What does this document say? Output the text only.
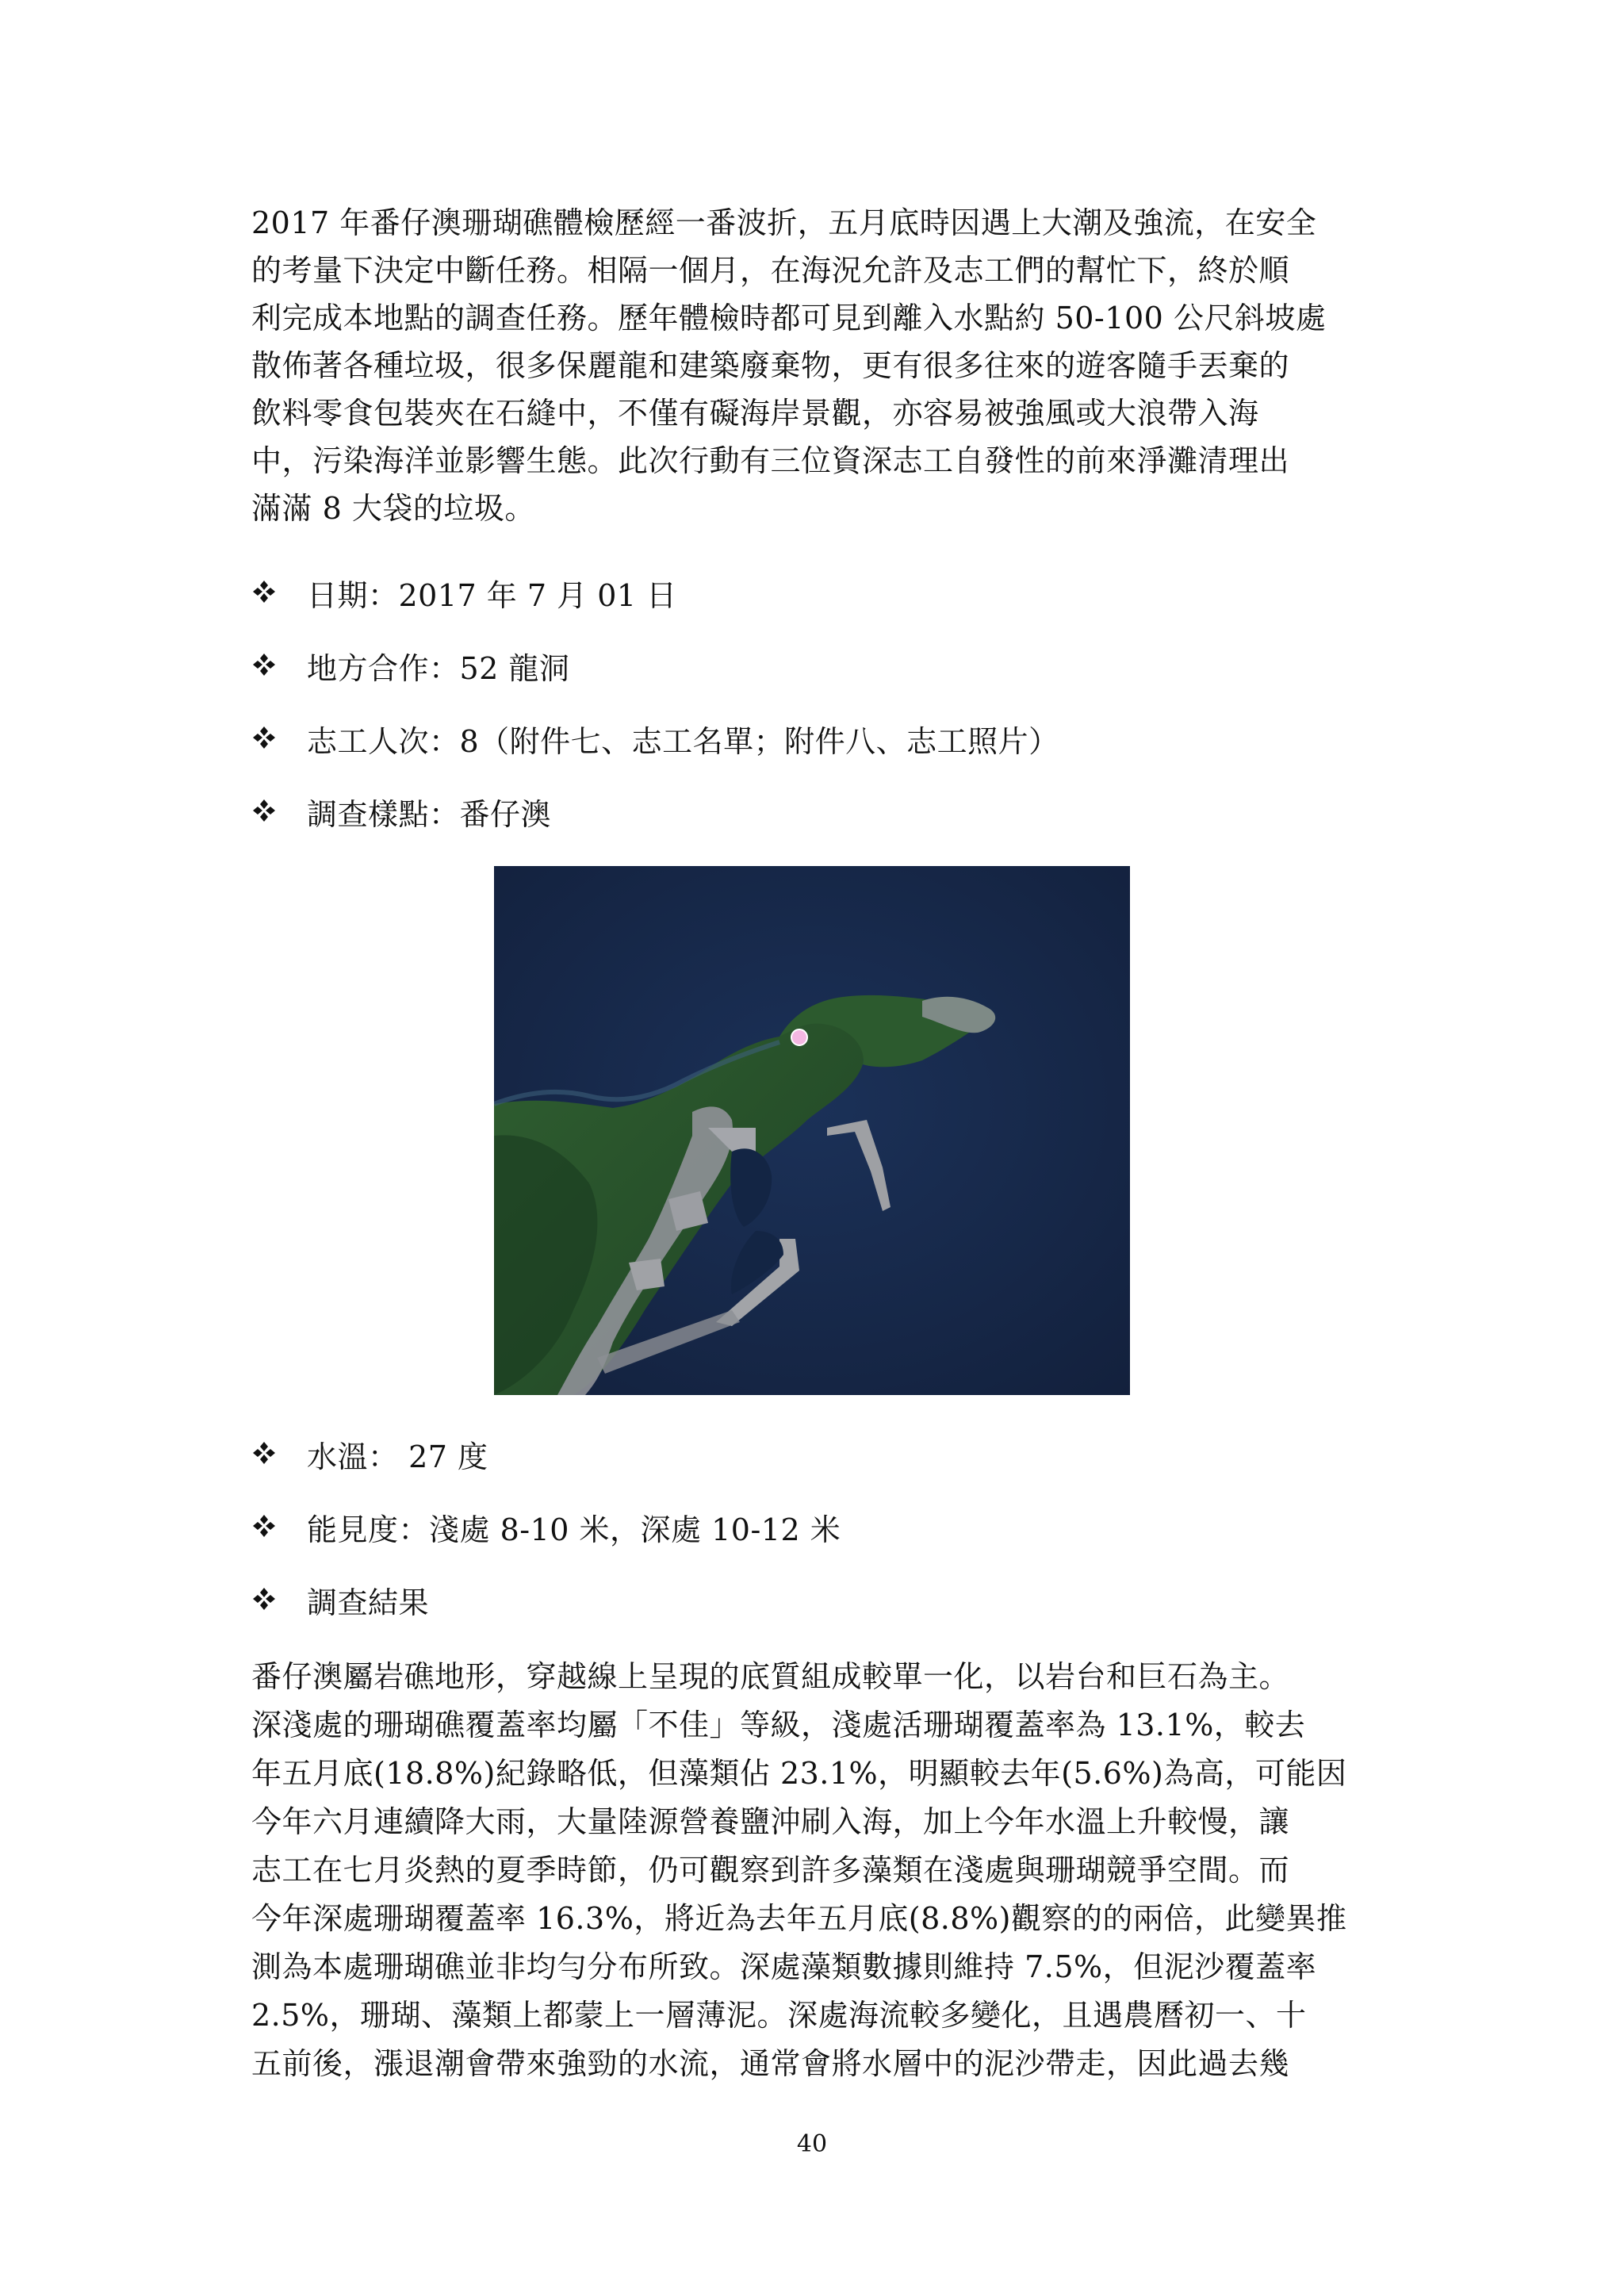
2017 年番仔澳珊瑚礁體檢歷經一番波折，五月底時因遇上大潮及強流，在安全
的考量下決定中斷任務。相隔一個月，在海況允許及志工們的幫忙下，終於順
利完成本地點的調查任務。歷年體檢時都可見到離入水點約 50-100 公尺斜坡處
散佈著各種垃圾，很多保麗龍和建築廢棄物，更有很多往來的遊客隨手丟棄的
飲料零食包裝夾在石縫中，不僅有礙海岸景觀，亦容易被強風或大浪帶入海
中，污染海洋並影響生態。此次行動有三位資深志工自發性的前來淨灘清理出
滿滿 8 大袋的垃圾。
日期：2017 年 7 月 01 日
地方合作：52 龍洞
志工人次：8（附件七、志工名單；附件八、志工照片）
調查樣點：番仔澳
水溫： 27 度
能見度：淺處 8-10 米，深處 10-12 米
調查結果
番仔澳屬岩礁地形，穿越線上呈現的底質組成較單一化，以岩台和巨石為主。
深淺處的珊瑚礁覆蓋率均屬「不佳」等級，淺處活珊瑚覆蓋率為 13.1%，較去
年五月底(18.8%)紀錄略低，但藻類佔 23.1%，明顯較去年(5.6%)為高，可能因
今年六月連續降大雨，大量陸源營養鹽沖刷入海，加上今年水溫上升較慢，讓
志工在七月炎熱的夏季時節，仍可觀察到許多藻類在淺處與珊瑚競爭空間。而
今年深處珊瑚覆蓋率 16.3%，將近為去年五月底(8.8%)觀察的的兩倍，此變異推
測為本處珊瑚礁並非均勻分布所致。深處藻類數據則維持 7.5%，但泥沙覆蓋率
2.5%，珊瑚、藻類上都蒙上一層薄泥。深處海流較多變化，且遇農曆初一、十
五前後，漲退潮會帶來強勁的水流，通常會將水層中的泥沙帶走，因此過去幾
40
